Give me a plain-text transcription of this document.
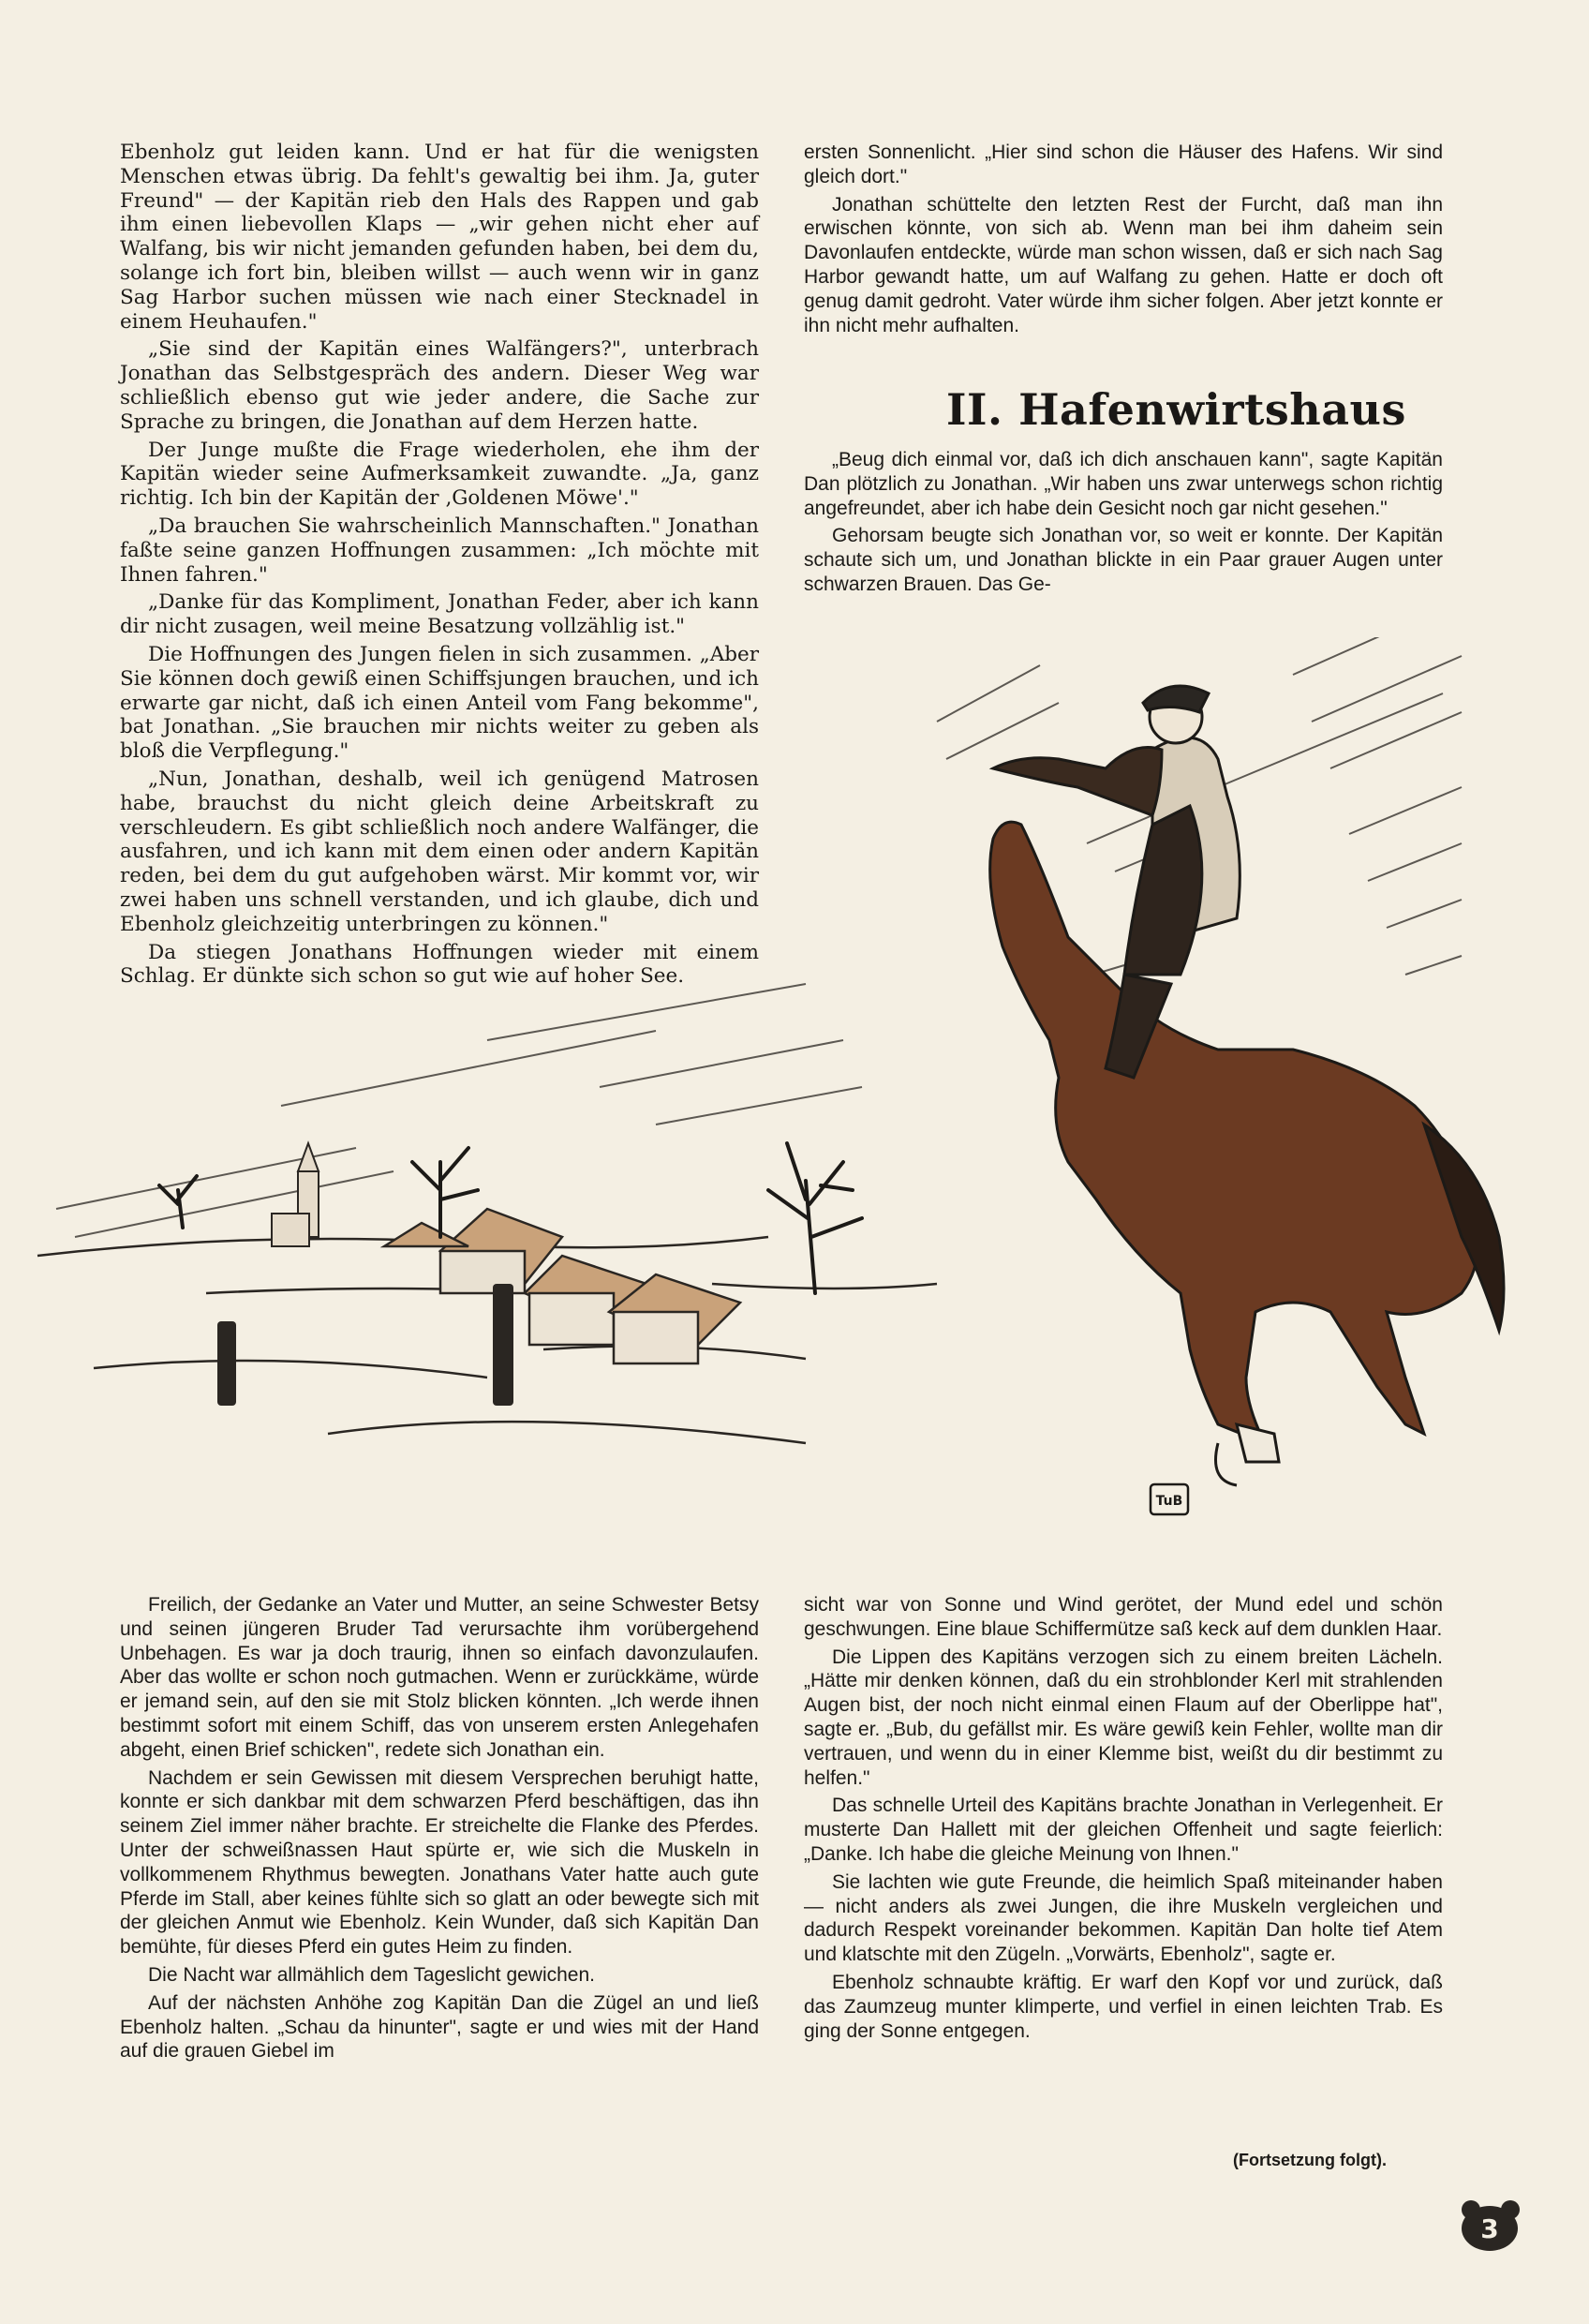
Ebenholz gut leiden kann. Und er hat für die wenigsten Menschen etwas übrig. Da fehlt's gewaltig bei ihm. Ja, guter Freund" — der Kapitän rieb den Hals des Rappen und gab ihm einen liebevollen Klaps — „wir gehen nicht eher auf Walfang, bis wir nicht jemanden gefunden haben, bei dem du, solange ich fort bin, bleiben willst — auch wenn wir in ganz Sag Harbor suchen müssen wie nach einer Stecknadel in einem Heuhaufen."

„Sie sind der Kapitän eines Walfängers?", unterbrach Jonathan das Selbstgespräch des andern. Dieser Weg war schließlich ebenso gut wie jeder andere, die Sache zur Sprache zu bringen, die Jonathan auf dem Herzen hatte.

Der Junge mußte die Frage wiederholen, ehe ihm der Kapitän wieder seine Aufmerksamkeit zuwandte. „Ja, ganz richtig. Ich bin der Kapitän der ‚Goldenen Möwe'."

„Da brauchen Sie wahrscheinlich Mannschaften." Jonathan faßte seine ganzen Hoffnungen zusammen: „Ich möchte mit Ihnen fahren."

„Danke für das Kompliment, Jonathan Feder, aber ich kann dir nicht zusagen, weil meine Besatzung vollzählig ist."

Die Hoffnungen des Jungen fielen in sich zusammen. „Aber Sie können doch gewiß einen Schiffsjungen brauchen, und ich erwarte gar nicht, daß ich einen Anteil vom Fang bekomme", bat Jonathan. „Sie brauchen mir nichts weiter zu geben als bloß die Verpflegung."

„Nun, Jonathan, deshalb, weil ich genügend Matrosen habe, brauchst du nicht gleich deine Arbeitskraft zu verschleudern. Es gibt schließlich noch andere Walfänger, die ausfahren, und ich kann mit dem einen oder andern Kapitän reden, bei dem du gut aufgehoben wärst. Mir kommt vor, wir zwei haben uns schnell verstanden, und ich glaube, dich und Ebenholz gleichzeitig unterbringen zu können."

Da stiegen Jonathans Hoffnungen wieder mit einem Schlag. Er dünkte sich schon so gut wie auf hoher See.

ersten Sonnenlicht. „Hier sind schon die Häuser des Hafens. Wir sind gleich dort."

Jonathan schüttelte den letzten Rest der Furcht, daß man ihn erwischen könnte, von sich ab. Wenn man bei ihm daheim sein Davonlaufen entdeckte, würde man schon wissen, daß er sich nach Sag Harbor gewandt hatte, um auf Walfang zu gehen. Hatte er doch oft genug damit gedroht. Vater würde ihm sicher folgen. Aber jetzt konnte er ihn nicht mehr aufhalten.

II. Hafenwirtshaus

„Beug dich einmal vor, daß ich dich anschauen kann", sagte Kapitän Dan plötzlich zu Jonathan. „Wir haben uns zwar unterwegs schon richtig angefreundet, aber ich habe dein Gesicht noch gar nicht gesehen."

Gehorsam beugte sich Jonathan vor, so weit er konnte. Der Kapitän schaute sich um, und Jonathan blickte in ein Paar grauer Augen unter schwarzen Brauen. Das Ge-

TuB

Freilich, der Gedanke an Vater und Mutter, an seine Schwester Betsy und seinen jüngeren Bruder Tad verursachte ihm vorübergehend Unbehagen. Es war ja doch traurig, ihnen so einfach davonzulaufen. Aber das wollte er schon noch gutmachen. Wenn er zurückkäme, würde er jemand sein, auf den sie mit Stolz blicken könnten. „Ich werde ihnen bestimmt sofort mit einem Schiff, das von unserem ersten Anlegehafen abgeht, einen Brief schicken", redete sich Jonathan ein.

Nachdem er sein Gewissen mit diesem Versprechen beruhigt hatte, konnte er sich dankbar mit dem schwarzen Pferd beschäftigen, das ihn seinem Ziel immer näher brachte. Er streichelte die Flanke des Pferdes. Unter der schweißnassen Haut spürte er, wie sich die Muskeln in vollkommenem Rhythmus bewegten. Jonathans Vater hatte auch gute Pferde im Stall, aber keines fühlte sich so glatt an oder bewegte sich mit der gleichen Anmut wie Ebenholz. Kein Wunder, daß sich Kapitän Dan bemühte, für dieses Pferd ein gutes Heim zu finden.

Die Nacht war allmählich dem Tageslicht gewichen.

Auf der nächsten Anhöhe zog Kapitän Dan die Zügel an und ließ Ebenholz halten. „Schau da hinunter", sagte er und wies mit der Hand auf die grauen Giebel im

sicht war von Sonne und Wind gerötet, der Mund edel und schön geschwungen. Eine blaue Schiffermütze saß keck auf dem dunklen Haar.

Die Lippen des Kapitäns verzogen sich zu einem breiten Lächeln. „Hätte mir denken können, daß du ein strohblonder Kerl mit strahlenden Augen bist, der noch nicht einmal einen Flaum auf der Oberlippe hat", sagte er. „Bub, du gefällst mir. Es wäre gewiß kein Fehler, wollte man dir vertrauen, und wenn du in einer Klemme bist, weißt du dir bestimmt zu helfen."

Das schnelle Urteil des Kapitäns brachte Jonathan in Verlegenheit. Er musterte Dan Hallett mit der gleichen Offenheit und sagte feierlich: „Danke. Ich habe die gleiche Meinung von Ihnen."

Sie lachten wie gute Freunde, die heimlich Spaß miteinander haben — nicht anders als zwei Jungen, die ihre Muskeln vergleichen und dadurch Respekt voreinander bekommen. Kapitän Dan holte tief Atem und klatschte mit den Zügeln. „Vorwärts, Ebenholz", sagte er.

Ebenholz schnaubte kräftig. Er warf den Kopf vor und zurück, daß das Zaumzeug munter klimperte, und verfiel in einen leichten Trab. Es ging der Sonne entgegen.

(Fortsetzung folgt).
3
